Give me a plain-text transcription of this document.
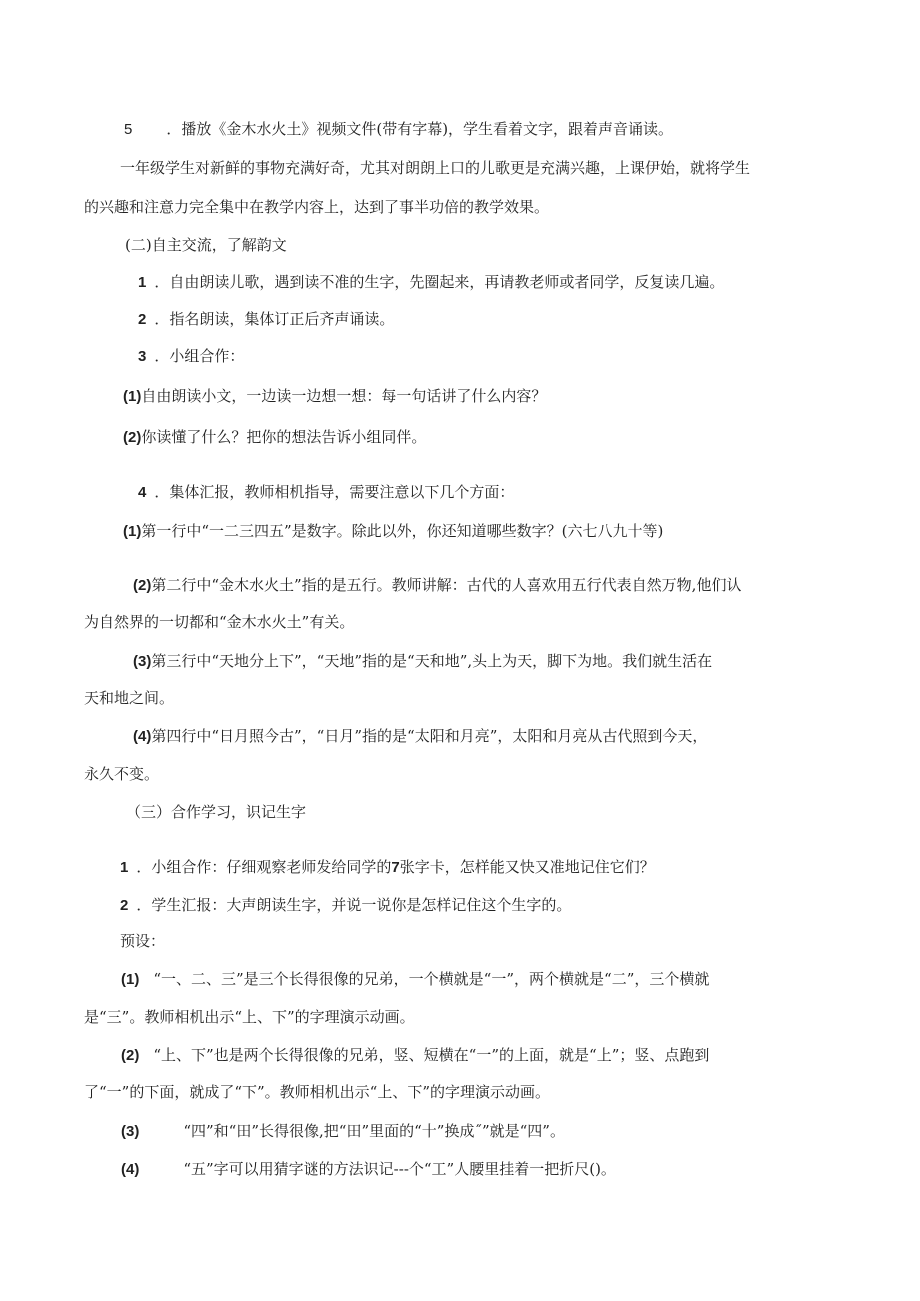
5 ．播放《金木水火土》视频文件(带有字幕)，学生看着文字，跟着声音诵读。
一年级学生对新鲜的事物充满好奇，尤其对朗朗上口的儿歌更是充满兴趣，上课伊始，就将学生
的兴趣和注意力完全集中在教学内容上，达到了事半功倍的教学效果。
(二)自主交流，了解韵文
1 ．自由朗读儿歌，遇到读不准的生字，先圈起来，再请教老师或者同学，反复读几遍。
2 ．指名朗读，集体订正后齐声诵读。
3 ．小组合作：
(1)自由朗读小文，一边读一边想一想：每一句话讲了什么内容？
(2)你读懂了什么？把你的想法告诉小组同伴。
4 ．集体汇报，教师相机指导，需要注意以下几个方面：
(1)第一行中“一二三四五”是数字。除此以外，你还知道哪些数字？(六七八九十等)
(2)第二行中“金木水火土”指的是五行。教师讲解：古代的人喜欢用五行代表自然万物,他们认
为自然界的一切都和“金木水火土”有关。
(3)第三行中“天地分上下”，“天地”指的是“天和地”,头上为天，脚下为地。我们就生活在
天和地之间。
(4)第四行中“日月照今古”，“日月”指的是“太阳和月亮”，太阳和月亮从古代照到今天，
永久不变。
（三）合作学习，识记生字
1 ．小组合作：仔细观察老师发给同学的7张字卡，怎样能又快又准地记住它们？
2 ．学生汇报：大声朗读生字，并说一说你是怎样记住这个生字的。
预设：
(1) “一、二、三”是三个长得很像的兄弟，一个横就是“一”，两个横就是“二”，三个横就
是“三”。教师相机出示“上、下”的字理演示动画。
(2) “上、下”也是两个长得很像的兄弟，竖、短横在“一”的上面，就是“上”；竖、点跑到
了“一”的下面，就成了“下”。教师相机出示“上、下”的字理演示动画。
(3)	“四”和“田”长得很像,把“田”里面的“十”换成˝”就是“四”。
(4)	“五”字可以用猜字谜的方法识记---个“工”人腰里挂着一把折尺()。
